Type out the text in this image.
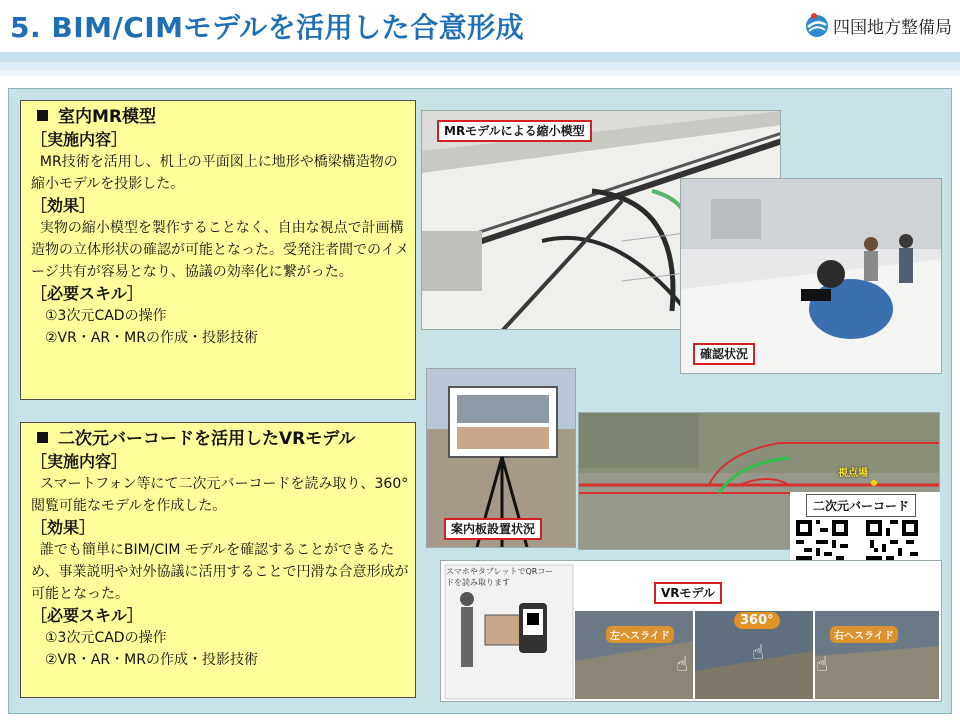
5. BIM/CIMモデルを活用した合意形成	四国地方整備局
室内MR模型
［実施内容］
MR技術を活用し、机上の平面図上に地形や橋梁構造物の縮小モデルを投影した。
［効果］
実物の縮小模型を製作することなく、自由な視点で計画構造物の立体形状の確認が可能となった。受発注者間でのイメージ共有が容易となり、協議の効率化に繋がった。
［必要スキル］
①3次元CADの操作
②VR・AR・MRの作成・投影技術
二次元バーコードを活用したVRモデル
［実施内容］
スマートフォン等にて二次元バーコードを読み取り、360°閲覧可能なモデルを作成した。
［効果］
誰でも簡単にBIM/CIM モデルを確認することができるため、事業説明や対外協議に活用することで円滑な合意形成が可能となった。
［必要スキル］
①3次元CADの操作
②VR・AR・MRの作成・投影技術
MRモデルによる縮小模型
確認状況
案内板設置状況
視点場
二次元バーコード
スマホやタブレットでQRコードを読み取ります
VRモデル
左へスライド
360°
右へスライド
☝	☝	☝
